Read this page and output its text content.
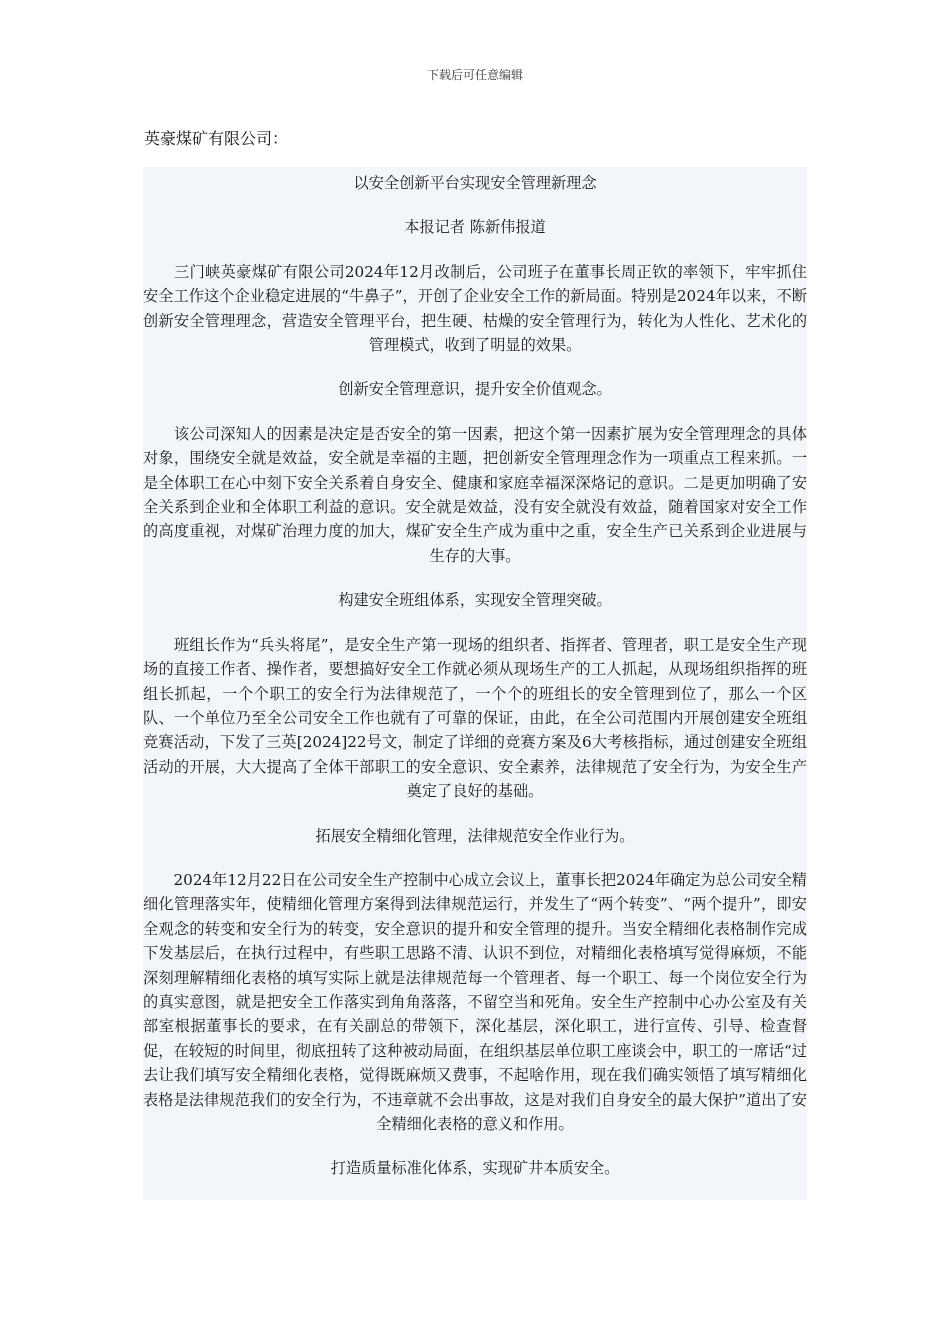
下载后可任意编辑
英豪煤矿有限公司：
以安全创新平台实现安全管理新理念
本报记者 陈新伟报道
　　三门峡英豪煤矿有限公司2024年12月改制后，公司班子在董事长周正钦的率领下，牢牢抓住安全工作这个企业稳定进展的“牛鼻子”，开创了企业安全工作的新局面。特别是2024年以来，不断创新安全管理理念，营造安全管理平台，把生硬、枯燥的安全管理行为，转化为人性化、艺术化的管理模式，收到了明显的效果。
创新安全管理意识，提升安全价值观念。
　　该公司深知人的因素是决定是否安全的第一因素，把这个第一因素扩展为安全管理理念的具体对象，围绕安全就是效益，安全就是幸福的主题，把创新安全管理理念作为一项重点工程来抓。一是全体职工在心中刻下安全关系着自身安全、健康和家庭幸福深深烙记的意识。二是更加明确了安全关系到企业和全体职工利益的意识。安全就是效益，没有安全就没有效益，随着国家对安全工作的高度重视，对煤矿治理力度的加大，煤矿安全生产成为重中之重，安全生产已关系到企业进展与生存的大事。
构建安全班组体系，实现安全管理突破。
　　班组长作为“兵头将尾”，是安全生产第一现场的组织者、指挥者、管理者，职工是安全生产现场的直接工作者、操作者，要想搞好安全工作就必须从现场生产的工人抓起，从现场组织指挥的班组长抓起，一个个职工的安全行为法律规范了，一个个的班组长的安全管理到位了，那么一个区队、一个单位乃至全公司安全工作也就有了可靠的保证，由此，在全公司范围内开展创建安全班组竞赛活动，下发了三英[2024]22号文，制定了详细的竞赛方案及6大考核指标，通过创建安全班组活动的开展，大大提高了全体干部职工的安全意识、安全素养，法律规范了安全行为，为安全生产奠定了良好的基础。
拓展安全精细化管理，法律规范安全作业行为。
　　2024年12月22日在公司安全生产控制中心成立会议上，董事长把2024年确定为总公司安全精细化管理落实年，使精细化管理方案得到法律规范运行，并发生了“两个转变”、“两个提升”，即安全观念的转变和安全行为的转变，安全意识的提升和安全管理的提升。当安全精细化表格制作完成下发基层后，在执行过程中，有些职工思路不清、认识不到位，对精细化表格填写觉得麻烦，不能深刻理解精细化表格的填写实际上就是法律规范每一个管理者、每一个职工、每一个岗位安全行为的真实意图，就是把安全工作落实到角角落落，不留空当和死角。安全生产控制中心办公室及有关部室根据董事长的要求，在有关副总的带领下，深化基层，深化职工，进行宣传、引导、检查督促，在较短的时间里，彻底扭转了这种被动局面，在组织基层单位职工座谈会中，职工的一席话“过去让我们填写安全精细化表格，觉得既麻烦又费事，不起啥作用，现在我们确实领悟了填写精细化表格是法律规范我们的安全行为，不违章就不会出事故，这是对我们自身安全的最大保护”道出了安全精细化表格的意义和作用。
打造质量标准化体系，实现矿井本质安全。
